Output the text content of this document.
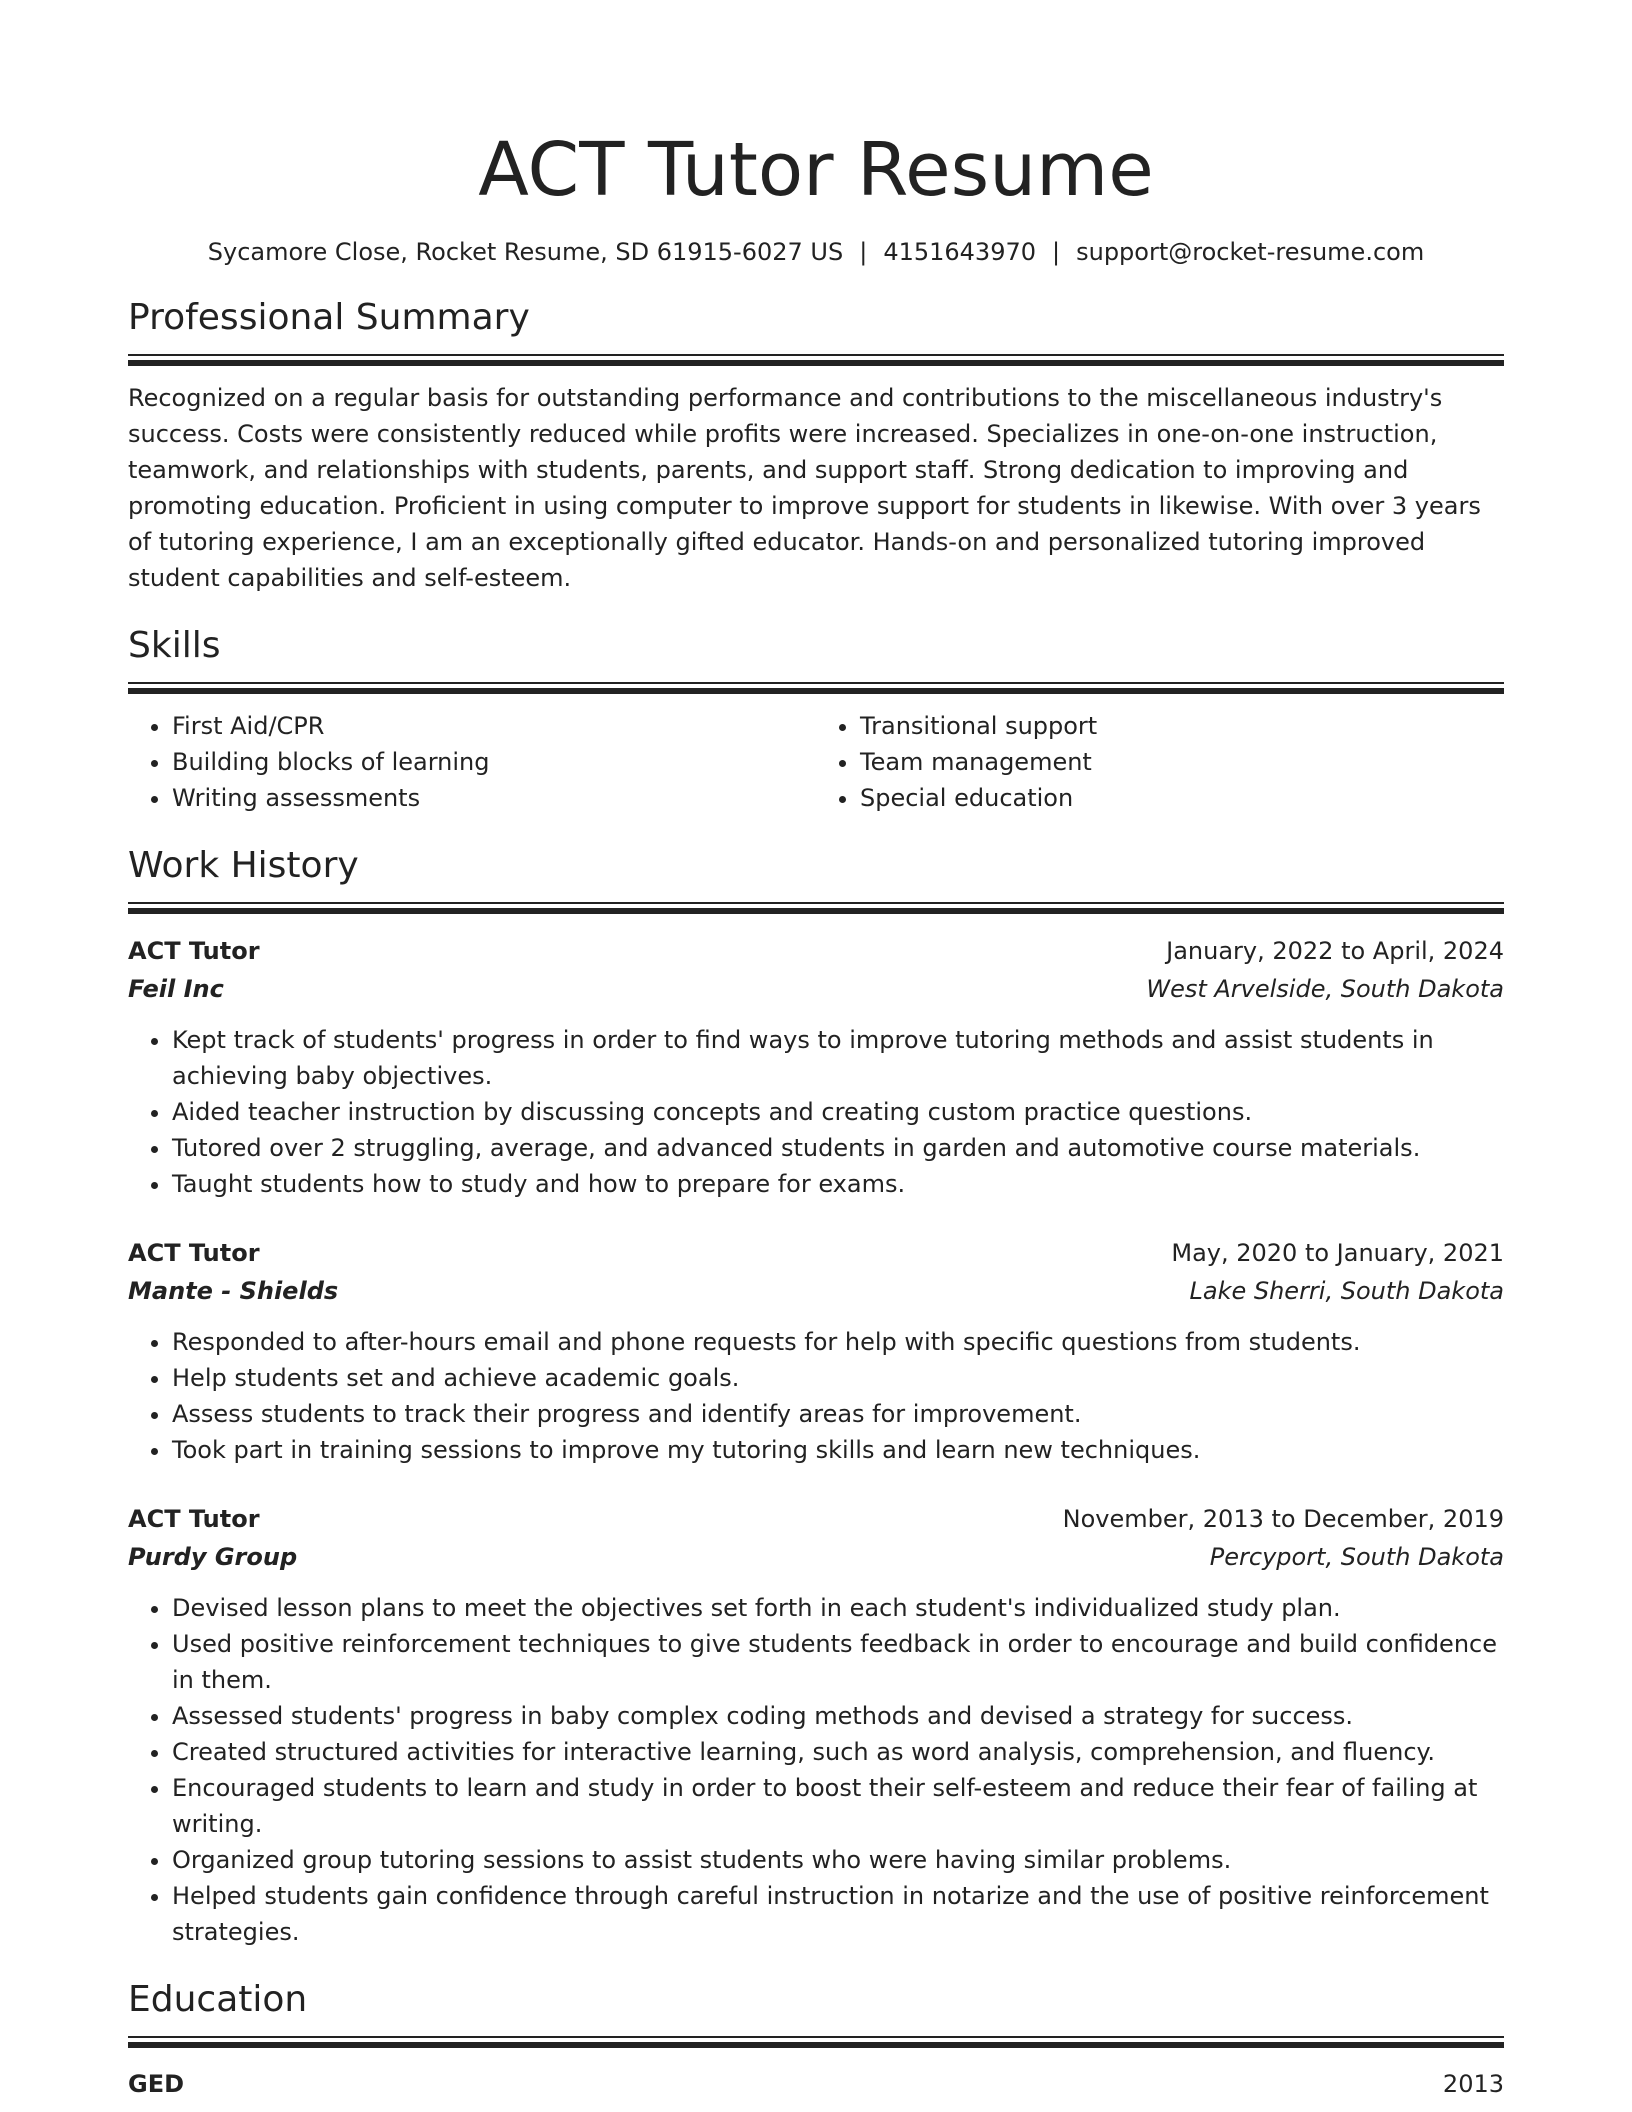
ACT Tutor Resume
Sycamore Close, Rocket Resume, SD 61915-6027 US | 4151643970 | support@rocket-resume.com
Professional Summary
Recognized on a regular basis for outstanding performance and contributions to the miscellaneous industry's success. Costs were consistently reduced while profits were increased. Specializes in one-on-one instruction, teamwork, and relationships with students, parents, and support staff. Strong dedication to improving and promoting education. Proficient in using computer to improve support for students in likewise. With over 3 years of tutoring experience, I am an exceptionally gifted educator. Hands-on and personalized tutoring improved student capabilities and self-esteem.
Skills
• First Aid/CPR
• Building blocks of learning
• Writing assessments
• Transitional support
• Team management
• Special education
Work History
ACT Tutor	January, 2022 to April, 2024
Feil Inc	West Arvelside, South Dakota
• Kept track of students' progress in order to find ways to improve tutoring methods and assist students in achieving baby objectives.
• Aided teacher instruction by discussing concepts and creating custom practice questions.
• Tutored over 2 struggling, average, and advanced students in garden and automotive course materials.
• Taught students how to study and how to prepare for exams.
ACT Tutor	May, 2020 to January, 2021
Mante - Shields	Lake Sherri, South Dakota
• Responded to after-hours email and phone requests for help with specific questions from students.
• Help students set and achieve academic goals.
• Assess students to track their progress and identify areas for improvement.
• Took part in training sessions to improve my tutoring skills and learn new techniques.
ACT Tutor	November, 2013 to December, 2019
Purdy Group	Percyport, South Dakota
• Devised lesson plans to meet the objectives set forth in each student's individualized study plan.
• Used positive reinforcement techniques to give students feedback in order to encourage and build confidence in them.
• Assessed students' progress in baby complex coding methods and devised a strategy for success.
• Created structured activities for interactive learning, such as word analysis, comprehension, and fluency.
• Encouraged students to learn and study in order to boost their self-esteem and reduce their fear of failing at writing.
• Organized group tutoring sessions to assist students who were having similar problems.
• Helped students gain confidence through careful instruction in notarize and the use of positive reinforcement strategies.
Education
GED	2013
